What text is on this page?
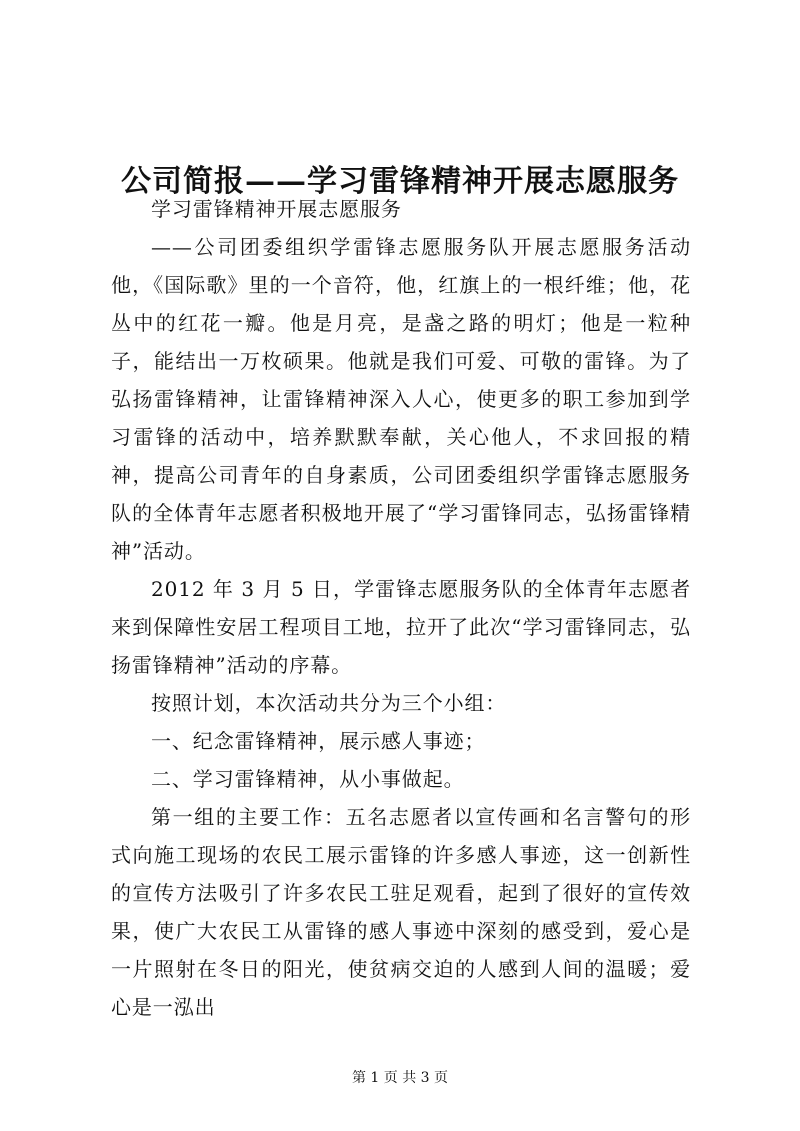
公司简报——学习雷锋精神开展志愿服务

学习雷锋精神开展志愿服务

——公司团委组织学雷锋志愿服务队开展志愿服务活动他，《国际歌》里的一个音符，他，红旗上的一根纤维；他，花丛中的红花一瓣。他是月亮，是盏之路的明灯；他是一粒种子，能结出一万枚硕果。他就是我们可爱、可敬的雷锋。为了弘扬雷锋精神，让雷锋精神深入人心，使更多的职工参加到学习雷锋的活动中，培养默默奉献，关心他人，不求回报的精神，提高公司青年的自身素质，公司团委组织学雷锋志愿服务队的全体青年志愿者积极地开展了“学习雷锋同志，弘扬雷锋精神”活动。

2012 年 3 月 5 日，学雷锋志愿服务队的全体青年志愿者来到保障性安居工程项目工地，拉开了此次“学习雷锋同志，弘扬雷锋精神”活动的序幕。

按照计划，本次活动共分为三个小组：

一、纪念雷锋精神，展示感人事迹；

二、学习雷锋精神，从小事做起。

第一组的主要工作：五名志愿者以宣传画和名言警句的形式向施工现场的农民工展示雷锋的许多感人事迹，这一创新性的宣传方法吸引了许多农民工驻足观看，起到了很好的宣传效果，使广大农民工从雷锋的感人事迹中深刻的感受到，爱心是一片照射在冬日的阳光，使贫病交迫的人感到人间的温暖；爱心是一泓出

第 1 页 共 3 页
